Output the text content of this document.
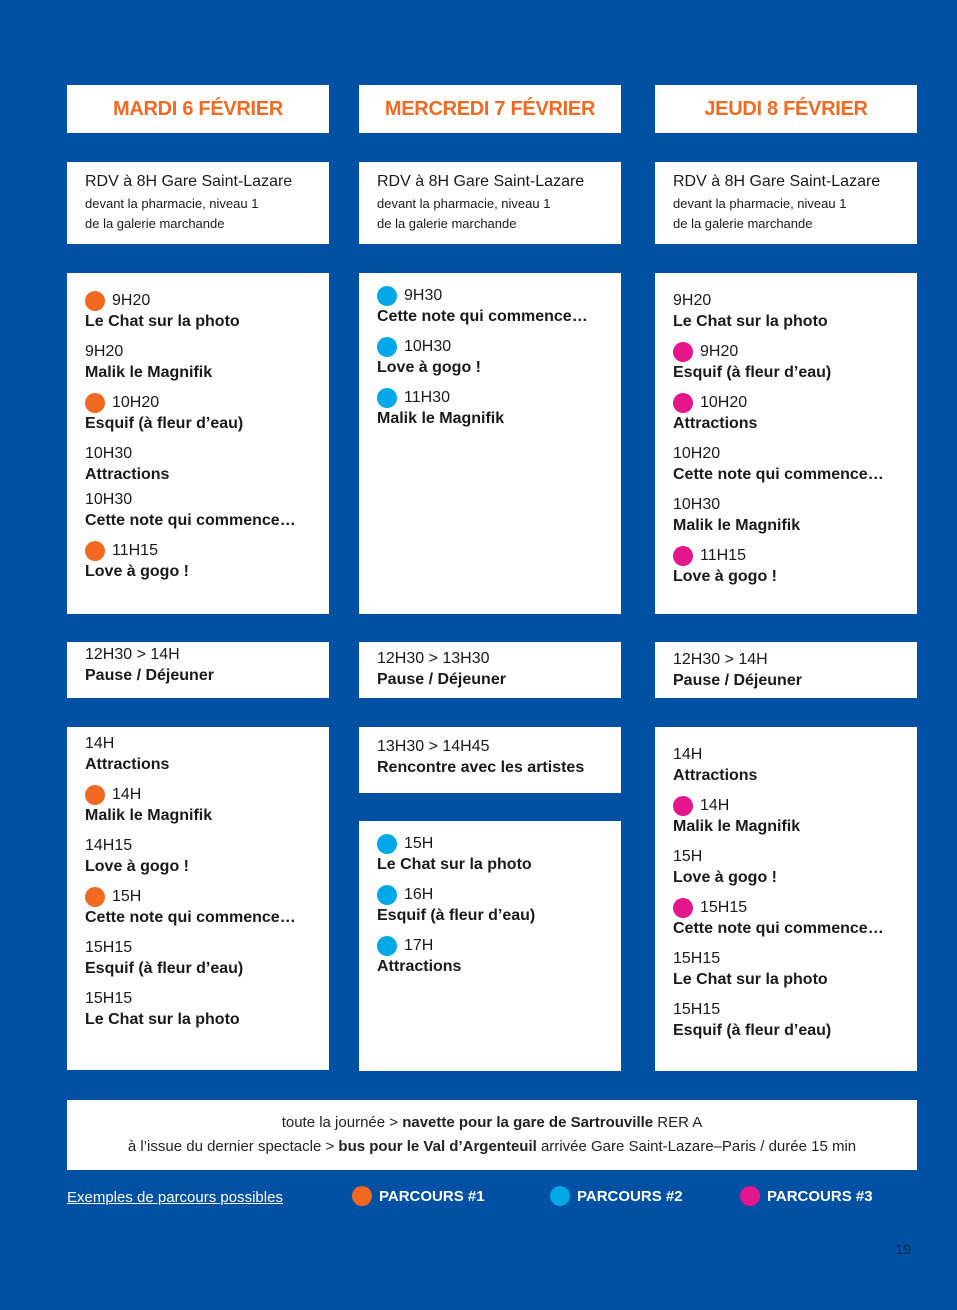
MARDI 6 FÉVRIER	MERCREDI 7 FÉVRIER	JEUDI 8 FÉVRIER
RDV à 8H Gare Saint-Lazare
devant la pharmacie, niveau 1
de la galerie marchande
RDV à 8H Gare Saint-Lazare
devant la pharmacie, niveau 1
de la galerie marchande
RDV à 8H Gare Saint-Lazare
devant la pharmacie, niveau 1
de la galerie marchande
9H20
Le Chat sur la photo
9H20
Malik le Magnifik
10H20
Esquif (à fleur d’eau)
10H30
Attractions
10H30
Cette note qui commence…
11H15
Love à gogo !
9H30
Cette note qui commence…
10H30
Love à gogo !
11H30
Malik le Magnifik
9H20
Le Chat sur la photo
9H20
Esquif (à fleur d’eau)
10H20
Attractions
10H20
Cette note qui commence…
10H30
Malik le Magnifik
11H15
Love à gogo !
12H30 > 14H
Pause / Déjeuner
12H30 > 13H30
Pause / Déjeuner
12H30 > 14H
Pause / Déjeuner
14H
Attractions
14H
Malik le Magnifik
14H15
Love à gogo !
15H
Cette note qui commence…
15H15
Esquif (à fleur d’eau)
15H15
Le Chat sur la photo
13H30 > 14H45
Rencontre avec les artistes
15H
Le Chat sur la photo
16H
Esquif (à fleur d’eau)
17H
Attractions
14H
Attractions
14H
Malik le Magnifik
15H
Love à gogo !
15H15
Cette note qui commence…
15H15
Le Chat sur la photo
15H15
Esquif (à fleur d’eau)
toute la journée > navette pour la gare de Sartrouville RER A
à l’issue du dernier spectacle > bus pour le Val d’Argenteuil arrivée Gare Saint-Lazare–Paris / durée 15 min
Exemples de parcours possibles	PARCOURS #1	PARCOURS #2	PARCOURS #3
19
